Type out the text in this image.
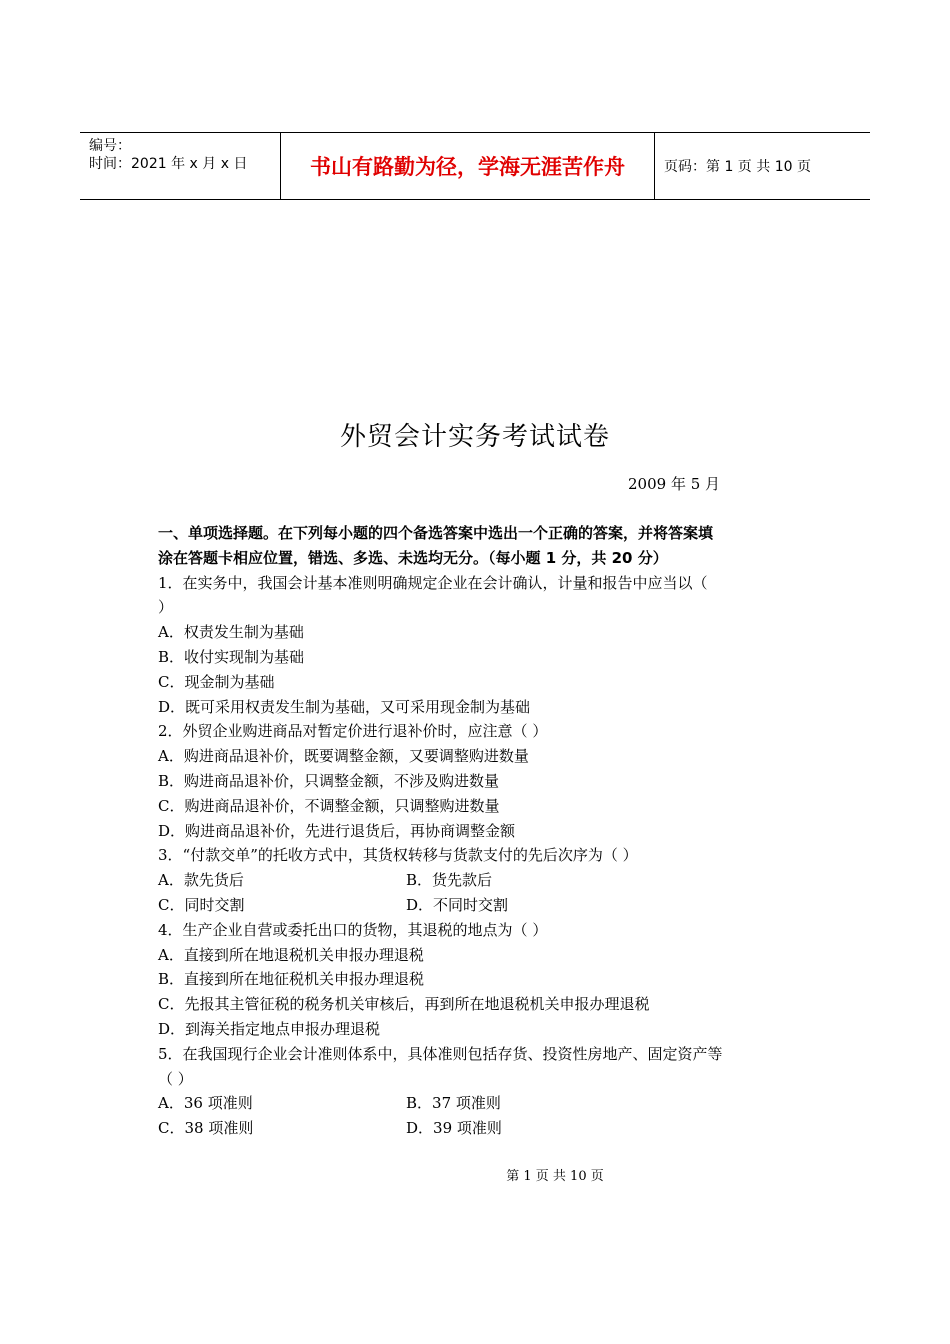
编号：
时间：2021 年 x 月 x 日	书山有路勤为径，学海无涯苦作舟	页码：第 1 页 共 10 页
外贸会计实务考试试卷
2009 年 5 月
一、单项选择题。在下列每小题的四个备选答案中选出一个正确的答案，并将答案填
涂在答题卡相应位置，错选、多选、未选均无分。（每小题 1 分，共 20 分）
1．在实务中，我国会计基本准则明确规定企业在会计确认，计量和报告中应当以（
）
A．权责发生制为基础
B．收付实现制为基础
C．现金制为基础
D．既可采用权责发生制为基础，又可采用现金制为基础
2．外贸企业购进商品对暂定价进行退补价时，应注意（ ）
A．购进商品退补价，既要调整金额，又要调整购进数量
B．购进商品退补价，只调整金额，不涉及购进数量
C．购进商品退补价，不调整金额，只调整购进数量
D．购进商品退补价，先进行退货后，再协商调整金额
3．“付款交单”的托收方式中，其货权转移与货款支付的先后次序为（ ）
A．款先货后	B．货先款后
C．同时交割	D．不同时交割
4．生产企业自营或委托出口的货物，其退税的地点为（ ）
A．直接到所在地退税机关申报办理退税
B．直接到所在地征税机关申报办理退税
C．先报其主管征税的税务机关审核后，再到所在地退税机关申报办理退税
D．到海关指定地点申报办理退税
5．在我国现行企业会计准则体系中，具体准则包括存货、投资性房地产、固定资产等
（ ）
A．36 项准则	B．37 项准则
C．38 项准则	D．39 项准则
第 1 页 共 10 页
